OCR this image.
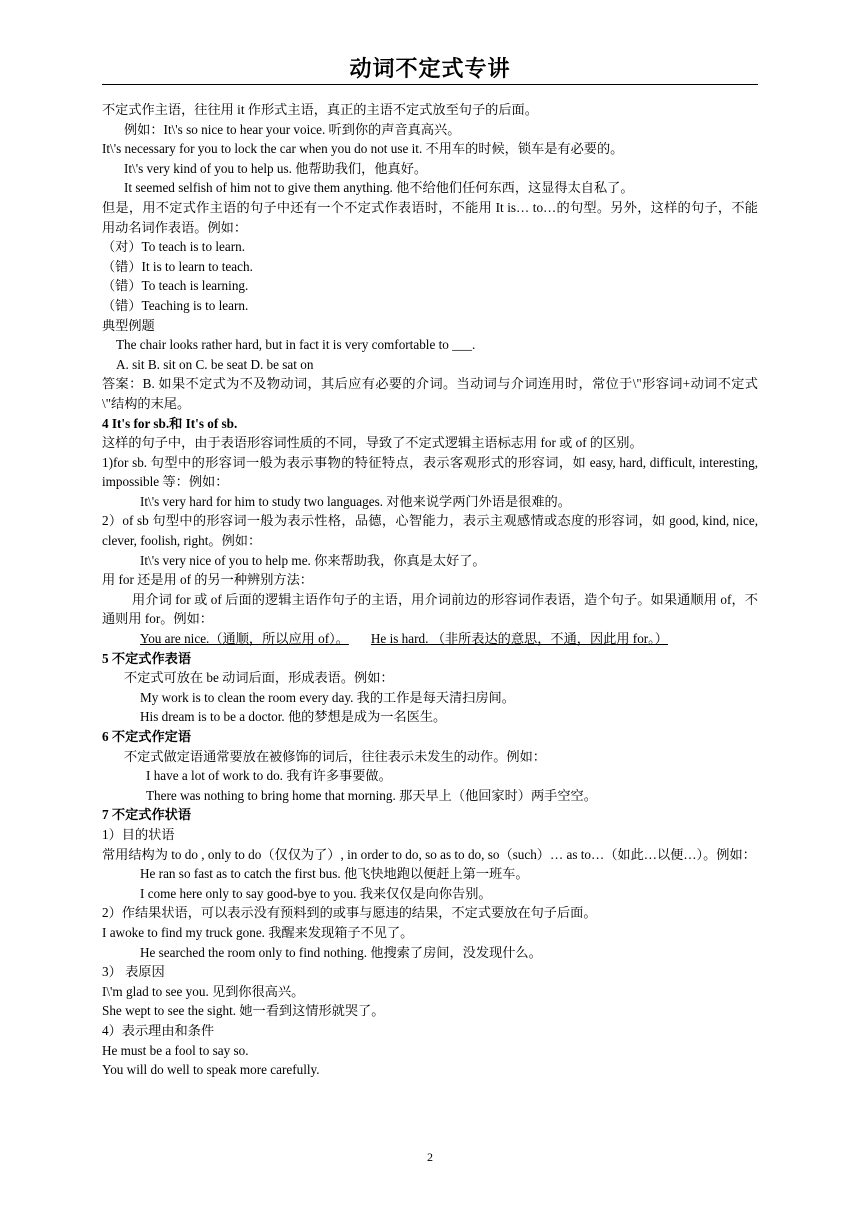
动词不定式专讲
不定式作主语，往往用 it 作形式主语，真正的主语不定式放至句子的后面。
例如：It\'s so nice to hear your voice. 听到你的声音真高兴。
It\'s necessary for you to lock the car when you do not use it. 不用车的时候，锁车是有必要的。
It\'s very kind of you to help us. 他帮助我们，他真好。
It seemed selfish of him not to give them anything. 他不给他们任何东西，这显得太自私了。
但是，用不定式作主语的句子中还有一个不定式作表语时，不能用 It is… to…的句型。另外，这样的句子，不能用动名词作表语。例如：
（对）To teach is to learn.
（错）It is to learn to teach.
（错）To teach is learning.
（错）Teaching is to learn.
典型例题
The chair looks rather hard, but in fact it is very comfortable to ___.
A. sit B. sit on C. be seat D. be sat on
答案：B. 如果不定式为不及物动词，其后应有必要的介词。当动词与介词连用时，常位于\"形容词+动词不定式\"结构的末尾。
4 It's for sb.和 It's of sb.
这样的句子中，由于表语形容词性质的不同，导致了不定式逻辑主语标志用 for 或 of 的区别。
1)for sb. 句型中的形容词一般为表示事物的特征特点，表示客观形式的形容词，如 easy, hard, difficult, interesting, impossible 等：例如：
It\'s very hard for him to study two languages. 对他来说学两门外语是很难的。
2）of sb 句型中的形容词一般为表示性格，品德，心智能力，表示主观感情或态度的形容词，如 good, kind, nice, clever, foolish, right。例如：
It\'s very nice of you to help me. 你来帮助我，你真是太好了。
用 for 还是用 of 的另一种辨别方法：
用介词 for 或 of 后面的逻辑主语作句子的主语，用介词前边的形容词作表语，造个句子。如果通顺用 of，不通则用 for。例如：
You are nice.（通顺，所以应用 of）。 He is hard. （非所表达的意思，不通，因此用 for。）
5 不定式作表语
不定式可放在 be 动词后面，形成表语。例如：
My work is to clean the room every day. 我的工作是每天清扫房间。
His dream is to be a doctor. 他的梦想是成为一名医生。
6 不定式作定语
不定式做定语通常要放在被修饰的词后，往往表示未发生的动作。例如：
I have a lot of work to do. 我有许多事要做。
There was nothing to bring home that morning. 那天早上（他回家时）两手空空。
7 不定式作状语
1）目的状语
常用结构为 to do , only to do（仅仅为了）, in order to do, so as to do, so（such）… as to…（如此…以便…）。例如：
He ran so fast as to catch the first bus. 他飞快地跑以便赶上第一班车。
I come here only to say good-bye to you. 我来仅仅是向你告别。
2）作结果状语，可以表示没有预料到的或事与愿违的结果，不定式要放在句子后面。
I awoke to find my truck gone. 我醒来发现箱子不见了。
He searched the room only to find nothing. 他搜索了房间，没发现什么。
3） 表原因
I\'m glad to see you. 见到你很高兴。
She wept to see the sight. 她一看到这情形就哭了。
4）表示理由和条件
He must be a fool to say so.
You will do well to speak more carefully.
2
